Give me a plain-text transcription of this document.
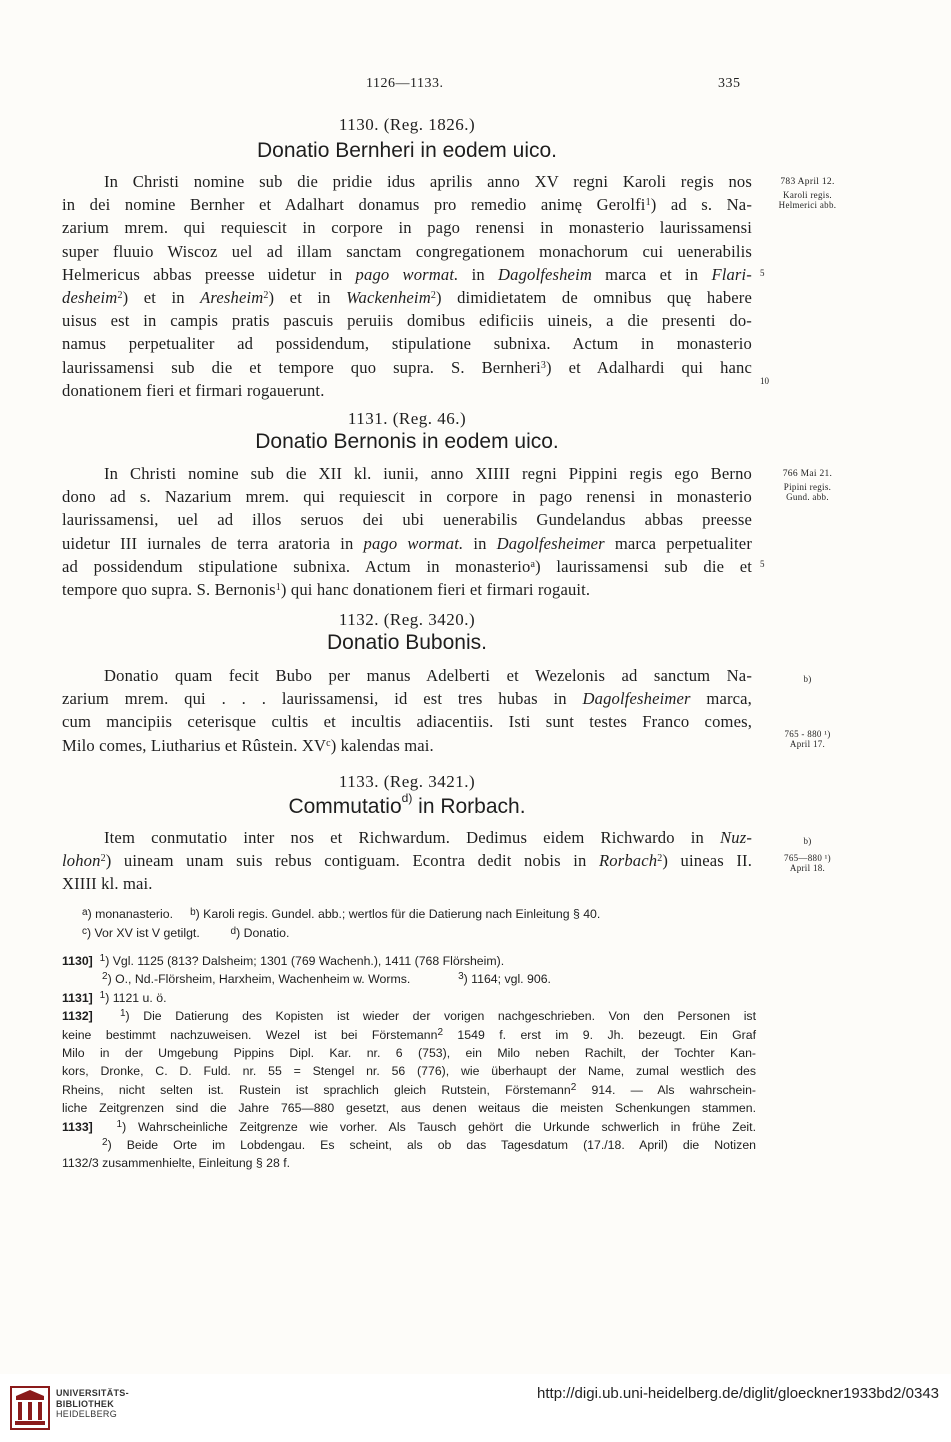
1126—1133.	335
1130. (Reg. 1826.)
Donatio Bernheri in eodem uico.
In Christi nomine sub die pridie idus aprilis anno XV regni Karoli regis nos
in dei nomine Bernher et Adalhart donamus pro remedio animę Gerolfi$^1$) ad s. Na-
zarium mrem. qui requiescit in corpore in pago renensi in monasterio laurissamensi
super fluuio Wiscoz uel ad illam sanctam congregationem monachorum cui uenerabilis
Helmericus abbas preesse uidetur in pago wormat. in Dagolfesheim marca et in Flari-
desheim$^2$) et in Aresheim$^2$) et in Wackenheim$^2$) dimidietatem de omnibus quę habere
uisus est in campis pratis pascuis peruiis domibus edificiis uineis, a die presenti do-
namus perpetualiter ad possidendum, stipulatione subnixa. Actum in monasterio
laurissamensi sub die et tempore quo supra. S. Bernheri$^3$) et Adalhardi qui hanc
donationem fieri et firmari rogauerunt.
783 April 12.
Karoli regis.
Helmerici abb.
5
10
1131. (Reg. 46.)
Donatio Bernonis in eodem uico.
In Christi nomine sub die XII kl. iunii, anno XIIII regni Pippini regis ego Berno
dono ad s. Nazarium mrem. qui requiescit in corpore in pago renensi in monasterio
laurissamensi, uel ad illos seruos dei ubi uenerabilis Gundelandus abbas preesse
uidetur III iurnales de terra aratoria in pago wormat. in Dagolfesheimer marca perpetualiter
ad possidendum stipulatione subnixa. Actum in monasterio$^a$) laurissamensi sub die et
tempore quo supra. S. Bernonis$^1$) qui hanc donationem fieri et firmari rogauit.
766 Mai 21.
Pipini regis.
Gund. abb.
5
1132. (Reg. 3420.)
Donatio Bubonis.
Donatio quam fecit Bubo per manus Adelberti et Wezelonis ad sanctum Na-
zarium mrem. qui . . . laurissamensi, id est tres hubas in Dagolfesheimer marca,
cum mancipiis ceterisque cultis et incultis adiacentiis. Isti sunt testes Franco comes,
Milo comes, Liutharius et Rûstein. $XV^c$) kalendas mai.
b)
765 - 880 ¹)
April 17.
1133. (Reg. 3421.)
Commutatio$^{d)}$ in Rorbach.
Item conmutatio inter nos et Richwardum. Dedimus eidem Richwardo in Nuz-
lohon$^2$) uineam unam suis rebus contiguam. Econtra dedit nobis in Rorbach$^2$) uineas II.
XIIII kl. mai.
b)
765—880 ¹)
April 18.
$^a$) monanasterio.     $^b$) Karoli regis. Gundel. abb.; wertlos für die Datierung nach Einleitung § 40.
$^c$) Vor XV ist V getilgt.         $^d$) Donatio.
1130] $^1$) Vgl. 1125 (813? Dalsheim; 1301 (769 Wachenh.), 1411 (768 Flörsheim).
$^2$) O., Nd.-Flörsheim, Harxheim, Wachenheim w. Worms.              $^3$) 1164; vgl. 906.
1131] $^1$) 1121 u. ö.
1132]	$^1$) Die Datierung des Kopisten ist wieder der vorigen nachgeschrieben. Von den Personen ist
keine bestimmt nachzuweisen. Wezel ist bei Förstemann$^2$ 1549 f. erst im 9. Jh. bezeugt. Ein Graf
Milo in der Umgebung Pippins Dipl. Kar. nr. 6 (753), ein Milo neben Rachilt, der Tochter Kan-
kors, Dronke, C. D. Fuld. nr. 55 = Stengel nr. 56 (776), wie überhaupt der Name, zumal westlich des
Rheins, nicht selten ist. Rustein ist sprachlich gleich Rutstein, Förstemann$^2$ 914. — Als wahrschein-
liche Zeitgrenzen sind die Jahre 765—880 gesetzt, aus denen weitaus die meisten Schenkungen stammen.
1133] $^1$) Wahrscheinliche Zeitgrenze wie vorher. Als Tausch gehört die Urkunde schwerlich in frühe Zeit.
$^2$) Beide Orte im Lobdengau. Es scheint, als ob das Tagesdatum (17./18. April) die Notizen
1132/3 zusammenhielte, Einleitung § 28 f.
UNIVERSITÄTS-
BIBLIOTHEK
HEIDELBERG
http://digi.ub.uni-heidelberg.de/diglit/gloeckner1933bd2/0343
